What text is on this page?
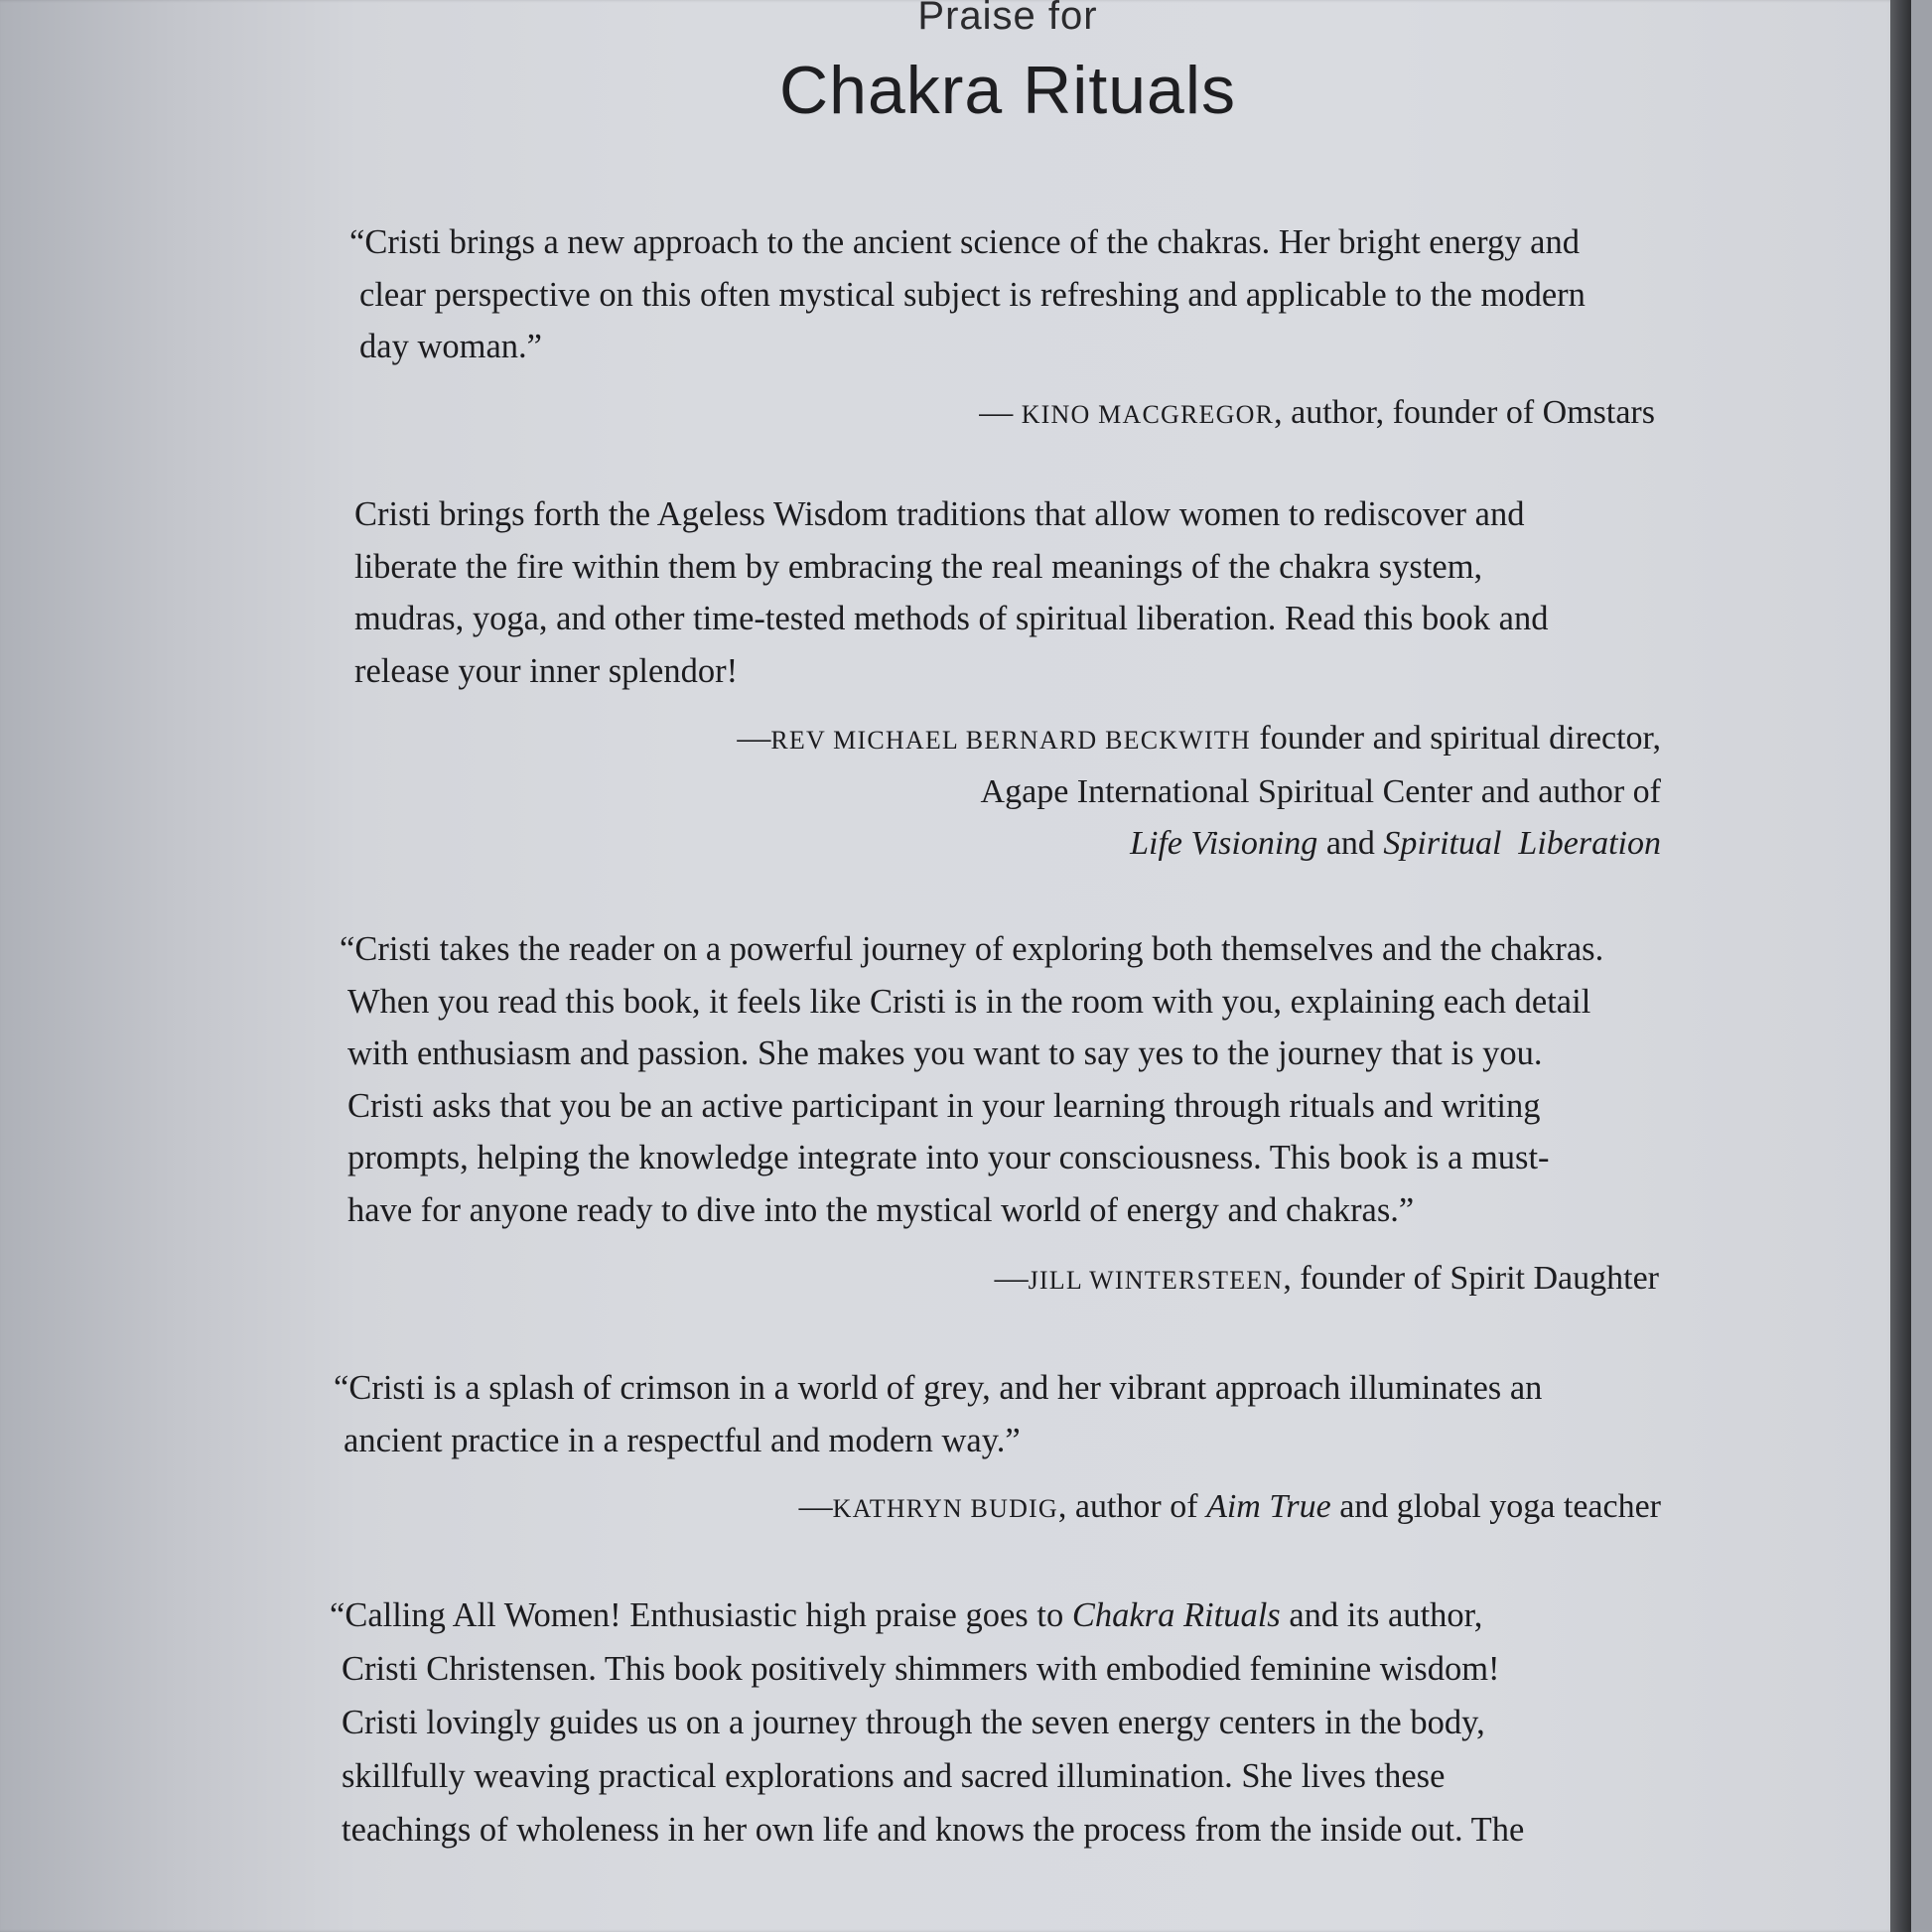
Praise for
Chakra Rituals
“Cristi brings a new approach to the ancient science of the chakras. Her bright energy and
clear perspective on this often mystical subject is refreshing and applicable to the modern
day woman.”
— KINO MACGREGOR, author, founder of Omstars
Cristi brings forth the Ageless Wisdom traditions that allow women to rediscover and
liberate the fire within them by embracing the real meanings of the chakra system,
mudras, yoga, and other time-tested methods of spiritual liberation. Read this book and
release your inner splendor!
—REV MICHAEL BERNARD BECKWITH founder and spiritual director,
Agape International Spiritual Center and author of
Life Visioning and Spiritual  Liberation
“Cristi takes the reader on a powerful journey of exploring both themselves and the chakras.
When you read this book, it feels like Cristi is in the room with you, explaining each detail
with enthusiasm and passion. She makes you want to say yes to the journey that is you.
Cristi asks that you be an active participant in your learning through rituals and writing
prompts, helping the knowledge integrate into your consciousness. This book is a must-
have for anyone ready to dive into the mystical world of energy and chakras.”
—JILL WINTERSTEEN, founder of Spirit Daughter
“Cristi is a splash of crimson in a world of grey, and her vibrant approach illuminates an
ancient practice in a respectful and modern way.”
—KATHRYN BUDIG, author of Aim True and global yoga teacher
“Calling All Women! Enthusiastic high praise goes to Chakra Rituals and its author,
Cristi Christensen. This book positively shimmers with embodied feminine wisdom!
Cristi lovingly guides us on a journey through the seven energy centers in the body,
skillfully weaving practical explorations and sacred illumination. She lives these
teachings of wholeness in her own life and knows the process from the inside out. The
